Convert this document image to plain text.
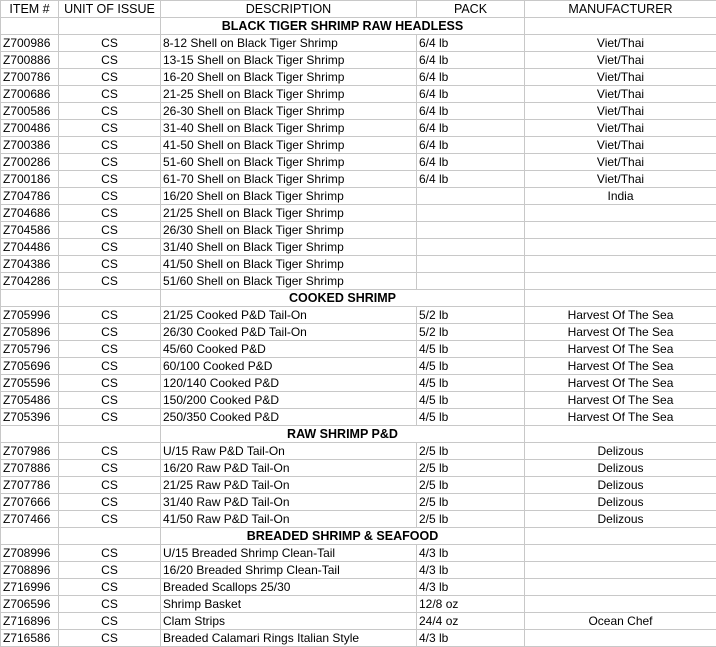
ITEM #	UNIT OF ISSUE	DESCRIPTION	PACK	MANUFACTURER
		BLACK TIGER SHRIMP RAW HEADLESS		
Z700986	CS	8-12 Shell on Black Tiger Shrimp	6/4 lb	Viet/Thai
Z700886	CS	13-15 Shell on Black Tiger Shrimp	6/4 lb	Viet/Thai
Z700786	CS	16-20 Shell on Black Tiger Shrimp	6/4 lb	Viet/Thai
Z700686	CS	21-25 Shell on Black Tiger Shrimp	6/4 lb	Viet/Thai
Z700586	CS	26-30 Shell on Black Tiger Shrimp	6/4 lb	Viet/Thai
Z700486	CS	31-40 Shell on Black Tiger Shrimp	6/4 lb	Viet/Thai
Z700386	CS	41-50 Shell on Black Tiger Shrimp	6/4 lb	Viet/Thai
Z700286	CS	51-60 Shell on Black Tiger Shrimp	6/4 lb	Viet/Thai
Z700186	CS	61-70 Shell on Black Tiger Shrimp	6/4 lb	Viet/Thai
Z704786	CS	16/20 Shell on Black Tiger Shrimp		India
Z704686	CS	21/25 Shell on Black Tiger Shrimp		
Z704586	CS	26/30 Shell on Black Tiger Shrimp		
Z704486	CS	31/40 Shell on Black Tiger Shrimp		
Z704386	CS	41/50 Shell on Black Tiger Shrimp		
Z704286	CS	51/60 Shell on Black Tiger Shrimp		
		COOKED SHRIMP		
Z705996	CS	21/25 Cooked P&D Tail-On	5/2 lb	Harvest Of The Sea
Z705896	CS	26/30 Cooked P&D Tail-On	5/2 lb	Harvest Of The Sea
Z705796	CS	45/60 Cooked P&D	4/5 lb	Harvest Of The Sea
Z705696	CS	60/100 Cooked P&D	4/5 lb	Harvest Of The Sea
Z705596	CS	120/140 Cooked P&D	4/5 lb	Harvest Of The Sea
Z705486	CS	150/200 Cooked P&D	4/5 lb	Harvest Of The Sea
Z705396	CS	250/350 Cooked P&D	4/5 lb	Harvest Of The Sea
		RAW SHRIMP P&D		
Z707986	CS	U/15 Raw P&D Tail-On	2/5 lb	Delizous
Z707886	CS	16/20 Raw P&D Tail-On	2/5 lb	Delizous
Z707786	CS	21/25 Raw P&D Tail-On	2/5 lb	Delizous
Z707666	CS	31/40 Raw P&D Tail-On	2/5 lb	Delizous
Z707466	CS	41/50 Raw P&D Tail-On	2/5 lb	Delizous
		BREADED SHRIMP & SEAFOOD		
Z708996	CS	U/15 Breaded Shrimp Clean-Tail	4/3 lb	
Z708896	CS	16/20 Breaded Shrimp Clean-Tail	4/3 lb	
Z716996	CS	Breaded Scallops 25/30	4/3 lb	
Z706596	CS	Shrimp Basket	12/8 oz	
Z716896	CS	Clam Strips	24/4 oz	Ocean Chef
Z716586	CS	Breaded Calamari Rings Italian Style	4/3 lb	
